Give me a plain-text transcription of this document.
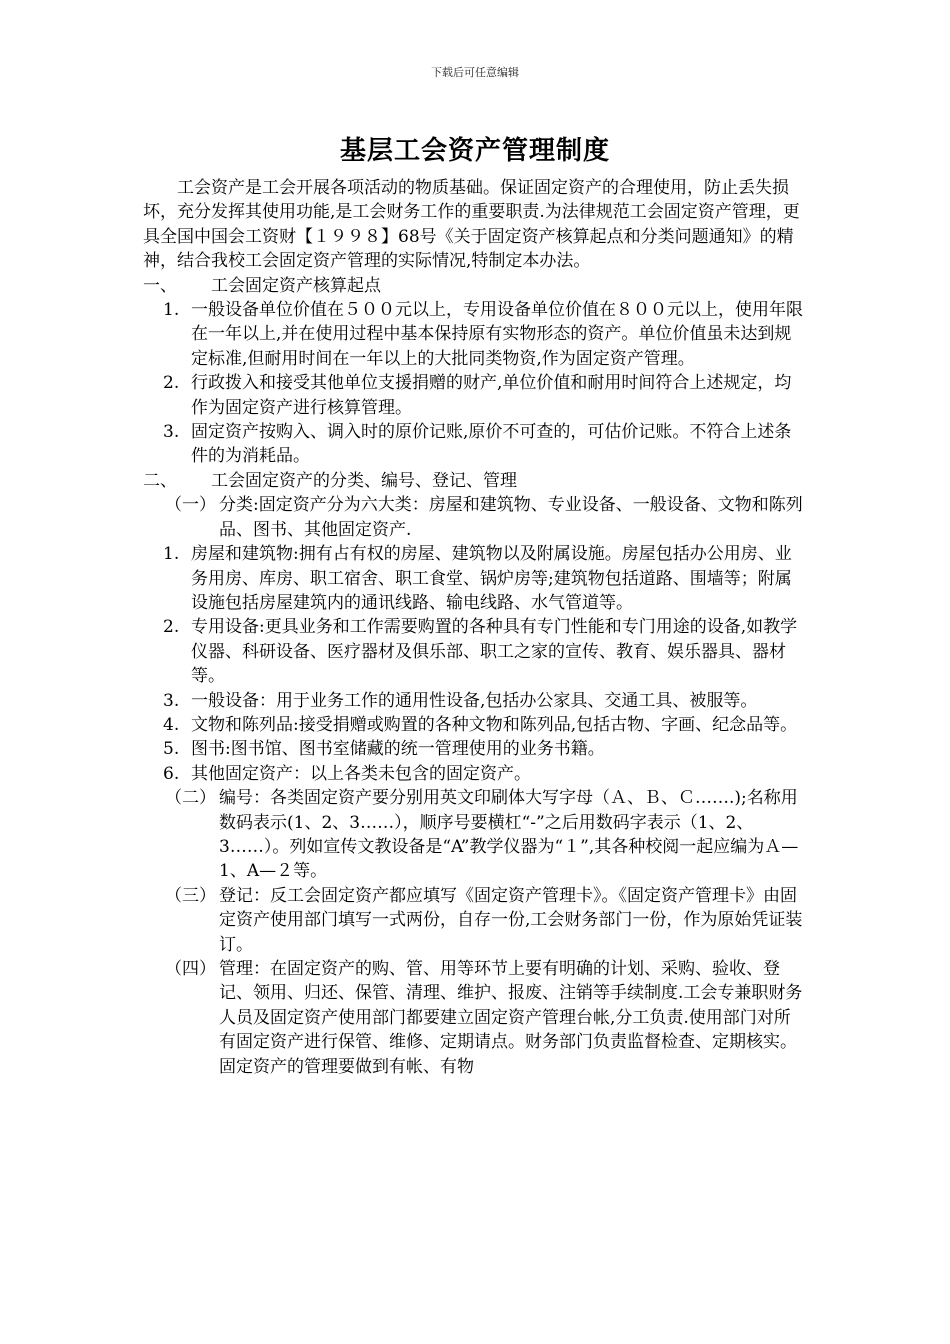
下载后可任意编辑
基层工会资产管理制度

工会资产是工会开展各项活动的物质基础。保证固定资产的合理使用，防止丢失损坏，充分发挥其使用功能,是工会财务工作的重要职责.为法律规范工会固定资产管理，更具全国中国会工资财【１９９８】68号《关于固定资产核算起点和分类问题通知》的精神，结合我校工会固定资产管理的实际情况,特制定本办法。

一、 工会固定资产核算起点

1. 一般设备单位价值在５００元以上，专用设备单位价值在８００元以上，使用年限在一年以上,并在使用过程中基本保持原有实物形态的资产。单位价值虽未达到规定标准,但耐用时间在一年以上的大批同类物资,作为固定资产管理。
2. 行政拨入和接受其他单位支援捐赠的财产,单位价值和耐用时间符合上述规定，均作为固定资产进行核算管理。
3. 固定资产按购入、调入时的原价记账,原价不可查的，可估价记账。不符合上述条件的为消耗品。

二、 工会固定资产的分类、编号、登记、管理

（一） 分类:固定资产分为六大类：房屋和建筑物、专业设备、一般设备、文物和陈列品、图书、其他固定资产.
1. 房屋和建筑物:拥有占有权的房屋、建筑物以及附属设施。房屋包括办公用房、业务用房、库房、职工宿舍、职工食堂、锅炉房等;建筑物包括道路、围墙等；附属设施包括房屋建筑内的通讯线路、输电线路、水气管道等。
2. 专用设备:更具业务和工作需要购置的各种具有专门性能和专门用途的设备,如教学仪器、科研设备、医疗器材及俱乐部、职工之家的宣传、教育、娱乐器具、器材等。
3. 一般设备：用于业务工作的通用性设备,包括办公家具、交通工具、被服等。
4. 文物和陈列品:接受捐赠或购置的各种文物和陈列品,包括古物、字画、纪念品等。
5. 图书:图书馆、图书室储藏的统一管理使用的业务书籍。
6. 其他固定资产：以上各类未包含的固定资产。
（二） 编号：各类固定资产要分别用英文印刷体大写字母（Ａ、Ｂ、Ｃ…….);名称用数码表示(1、2、3……），顺序号要横杠“-”之后用数码字表示（1、2、3……）。列如宣传文教设备是“A”教学仪器为“１”,其各种校阅一起应编为Ａ—1、A—２等。
（三） 登记：反工会固定资产都应填写《固定资产管理卡》。《固定资产管理卡》由固定资产使用部门填写一式两份，自存一份,工会财务部门一份，作为原始凭证装订。
（四） 管理：在固定资产的购、管、用等环节上要有明确的计划、采购、验收、登记、领用、归还、保管、清理、维护、报废、注销等手续制度.工会专兼职财务人员及固定资产使用部门都要建立固定资产管理台帐,分工负责.使用部门对所有固定资产进行保管、维修、定期请点。财务部门负责监督检查、定期核实。固定资产的管理要做到有帐、有物
